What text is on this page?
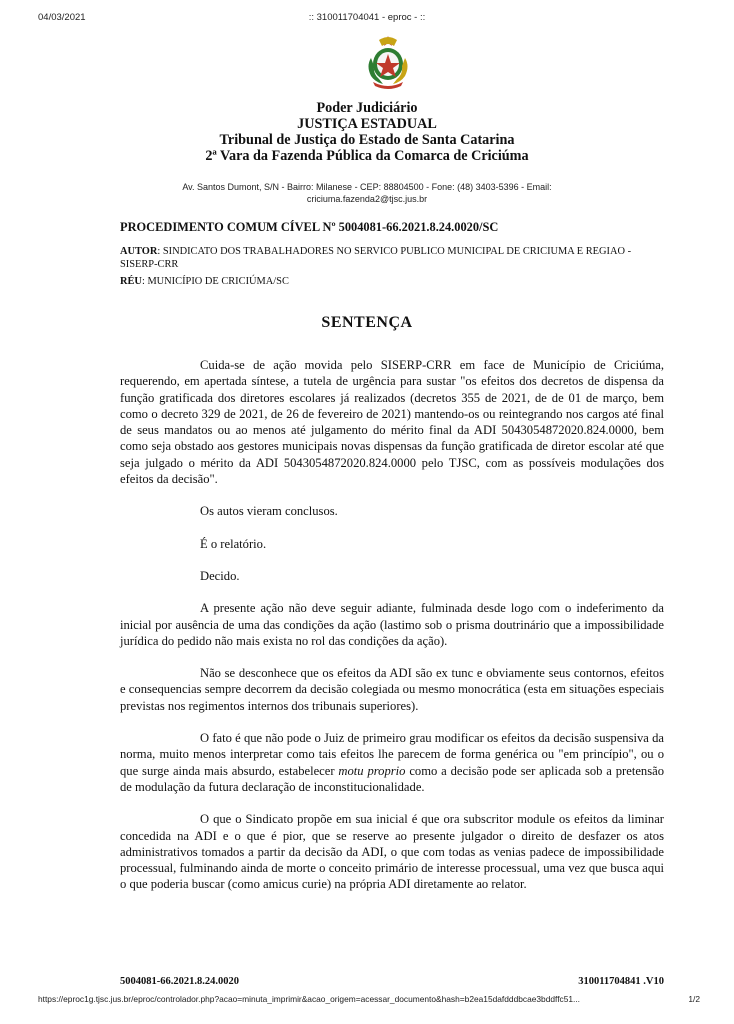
04/03/2021	:: 310011704041 - eproc - ::
Poder Judiciário
JUSTIÇA ESTADUAL
Tribunal de Justiça do Estado de Santa Catarina
2ª Vara da Fazenda Pública da Comarca de Criciúma
Av. Santos Dumont, S/N - Bairro: Milanese - CEP: 88804500 - Fone: (48) 3403-5396 - Email:
criciuma.fazenda2@tjsc.jus.br
PROCEDIMENTO COMUM CÍVEL Nº 5004081-66.2021.8.24.0020/SC
AUTOR: SINDICATO DOS TRABALHADORES NO SERVICO PUBLICO MUNICIPAL DE CRICIUMA E REGIAO - SISERP-CRR
RÉU: MUNICÍPIO DE CRICIÚMA/SC
SENTENÇA

Cuida-se de ação movida pelo SISERP-CRR em face de Município de Criciúma, requerendo, em apertada síntese, a tutela de urgência para sustar "os efeitos dos decretos de dispensa da função gratificada dos diretores escolares já realizados (decretos 355 de 2021, de de 01 de março, bem como o decreto 329 de 2021, de 26 de fevereiro de 2021) mantendo-os ou reintegrando nos cargos até final de seus mandatos ou ao menos até julgamento do mérito final da ADI 5043054872020.824.0000, bem como seja obstado aos gestores municipais novas dispensas da função gratificada de diretor escolar até que seja julgado o mérito da ADI 5043054872020.824.0000 pelo TJSC, com as possíveis modulações dos efeitos da decisão".

Os autos vieram conclusos.

É o relatório.

Decido.

A presente ação não deve seguir adiante, fulminada desde logo com o indeferimento da inicial por ausência de uma das condições da ação (lastimo sob o prisma doutrinário que a impossibilidade jurídica do pedido não mais exista no rol das condições da ação).

Não se desconhece que os efeitos da ADI são ex tunc e obviamente seus contornos, efeitos e consequencias sempre decorrem da decisão colegiada ou mesmo monocrática (esta em situações especiais previstas nos regimentos internos dos tribunais superiores).

O fato é que não pode o Juiz de primeiro grau modificar os efeitos da decisão suspensiva da norma, muito menos interpretar como tais efeitos lhe parecem de forma genérica ou "em princípio", ou o que surge ainda mais absurdo, estabelecer motu proprio como a decisão pode ser aplicada sob a pretensão de modulação da futura declaração de inconstitucionalidade.

O que o Sindicato propõe em sua inicial é que ora subscritor module os efeitos da liminar concedida na ADI e o que é pior, que se reserve ao presente julgador o direito de desfazer os atos administrativos tomados a partir da decisão da ADI, o que com todas as venias padece de impossibilidade processual, fulminando ainda de morte o conceito primário de interesse processual, uma vez que busca aqui o que poderia buscar (como amicus curie) na própria ADI diretamente ao relator.

5004081-66.2021.8.24.0020	310011704841 .V10
https://eproc1g.tjsc.jus.br/eproc/controlador.php?acao=minuta_imprimir&acao_origem=acessar_documento&hash=b2ea15dafdddbcae3bddffc51...	1/2
